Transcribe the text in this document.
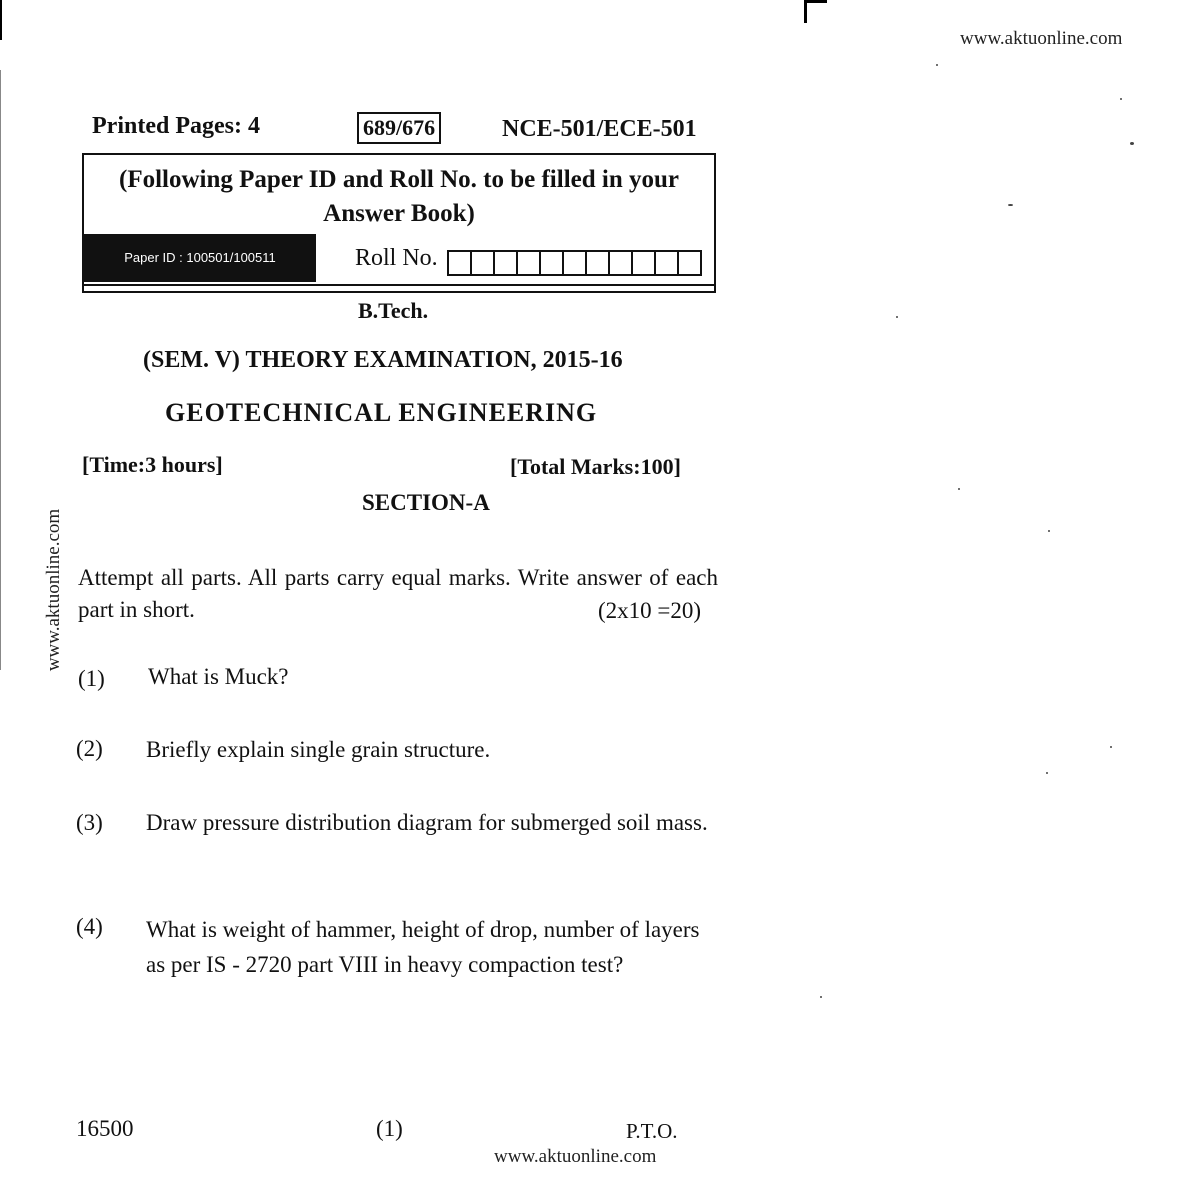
www.aktuonline.com
www.aktuonline.com
Printed Pages: 4	689/676	NCE-501/ECE-501
(Following Paper ID and Roll No. to be filled in your Answer Book)
Paper ID : 100501/100511	Roll No.
B.Tech.
(SEM. V) THEORY EXAMINATION, 2015-16
GEOTECHNICAL ENGINEERING
[Time:3 hours]	[Total Marks:100]
SECTION-A
Attempt all parts. All parts carry equal marks. Write answer of each part in short.	(2x10 =20)
(1) What is Muck?
(2) Briefly explain single grain structure.
(3) Draw pressure distribution diagram for submerged soil mass.
(4) What is weight of hammer, height of drop, number of layers as per IS - 2720 part VIII in heavy compaction test?
16500	(1)	P.T.O.
www.aktuonline.com
